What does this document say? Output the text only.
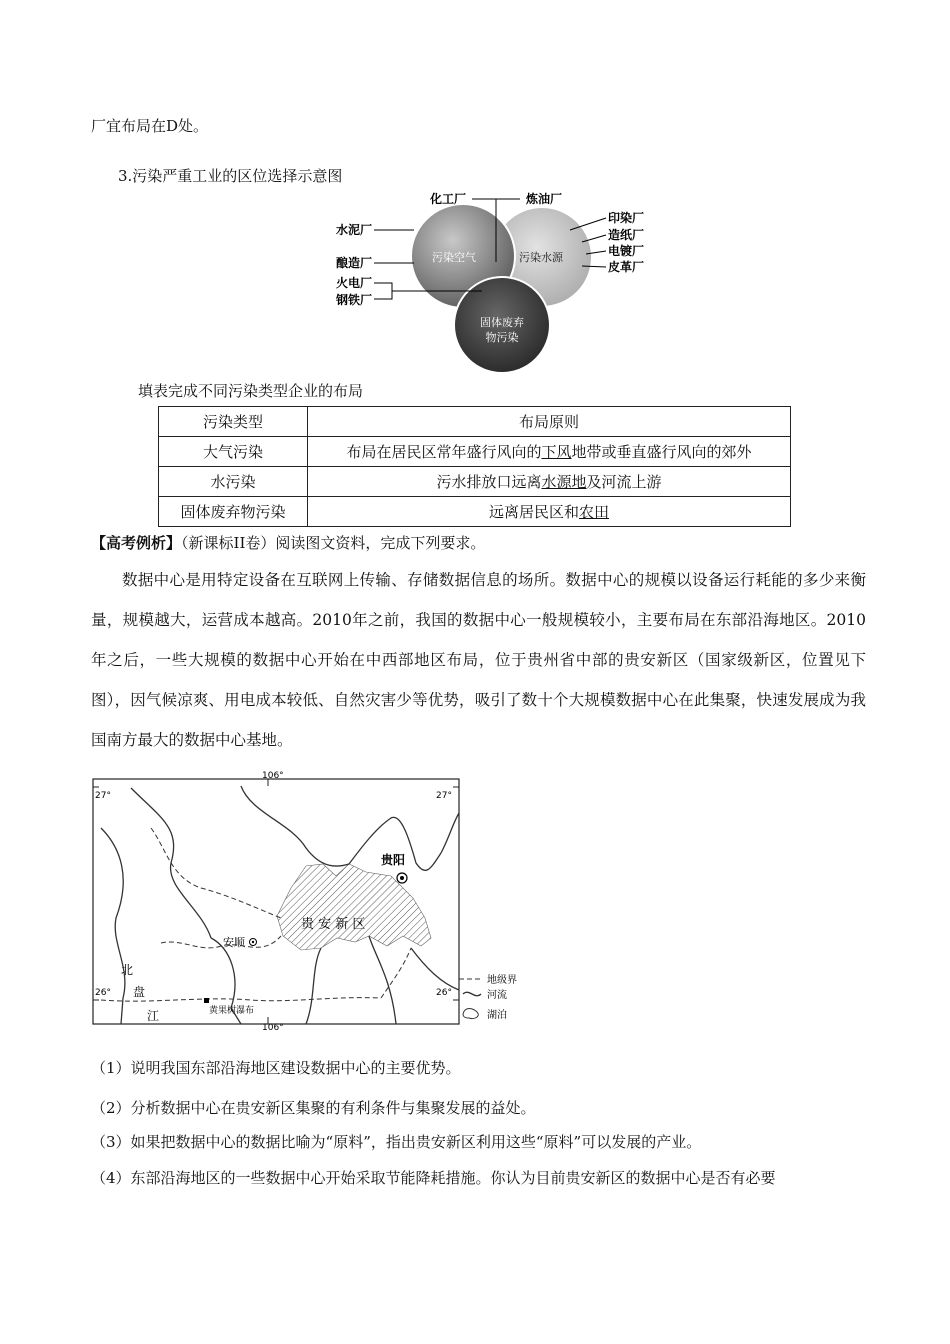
厂宜布局在D处。
3.污染严重工业的区位选择示意图
污染空气	污染水源
固体废弃
物污染
化工厂	炼油厂
水泥厂
酿造厂
火电厂
钢铁厂
印染厂
造纸厂
电镀厂
皮革厂
填表完成不同污染类型企业的布局
污染类型	布局原则
大气污染	布局在居民区常年盛行风向的下风地带或垂直盛行风向的郊外
水污染	污水排放口远离水源地及河流上游
固体废弃物污染	远离居民区和农田
【高考例析】（新课标II卷）阅读图文资料，完成下列要求。
数据中心是用特定设备在互联网上传输、存储数据信息的场所。数据中心的规模以设备运行耗能的多少来衡量，规模越大，运营成本越高。2010年之前，我国的数据中心一般规模较小，主要布局在东部沿海地区。2010年之后，一些大规模的数据中心开始在中西部地区布局，位于贵州省中部的贵安新区（国家级新区，位置见下图），因气候凉爽、用电成本较低、自然灾害少等优势，吸引了数十个大规模数据中心在此集聚，快速发展成为我国南方最大的数据中心基地。
106°
106°
27°	27°
26°	26°
贵阳
安顺
贵 安 新 区
北
盘
江	黄果树瀑布
地级界
河流
湖泊
（1）说明我国东部沿海地区建设数据中心的主要优势。
（2）分析数据中心在贵安新区集聚的有利条件与集聚发展的益处。
（3）如果把数据中心的数据比喻为“原料”，指出贵安新区利用这些“原料”可以发展的产业。
（4）东部沿海地区的一些数据中心开始采取节能降耗措施。你认为目前贵安新区的数据中心是否有必要
